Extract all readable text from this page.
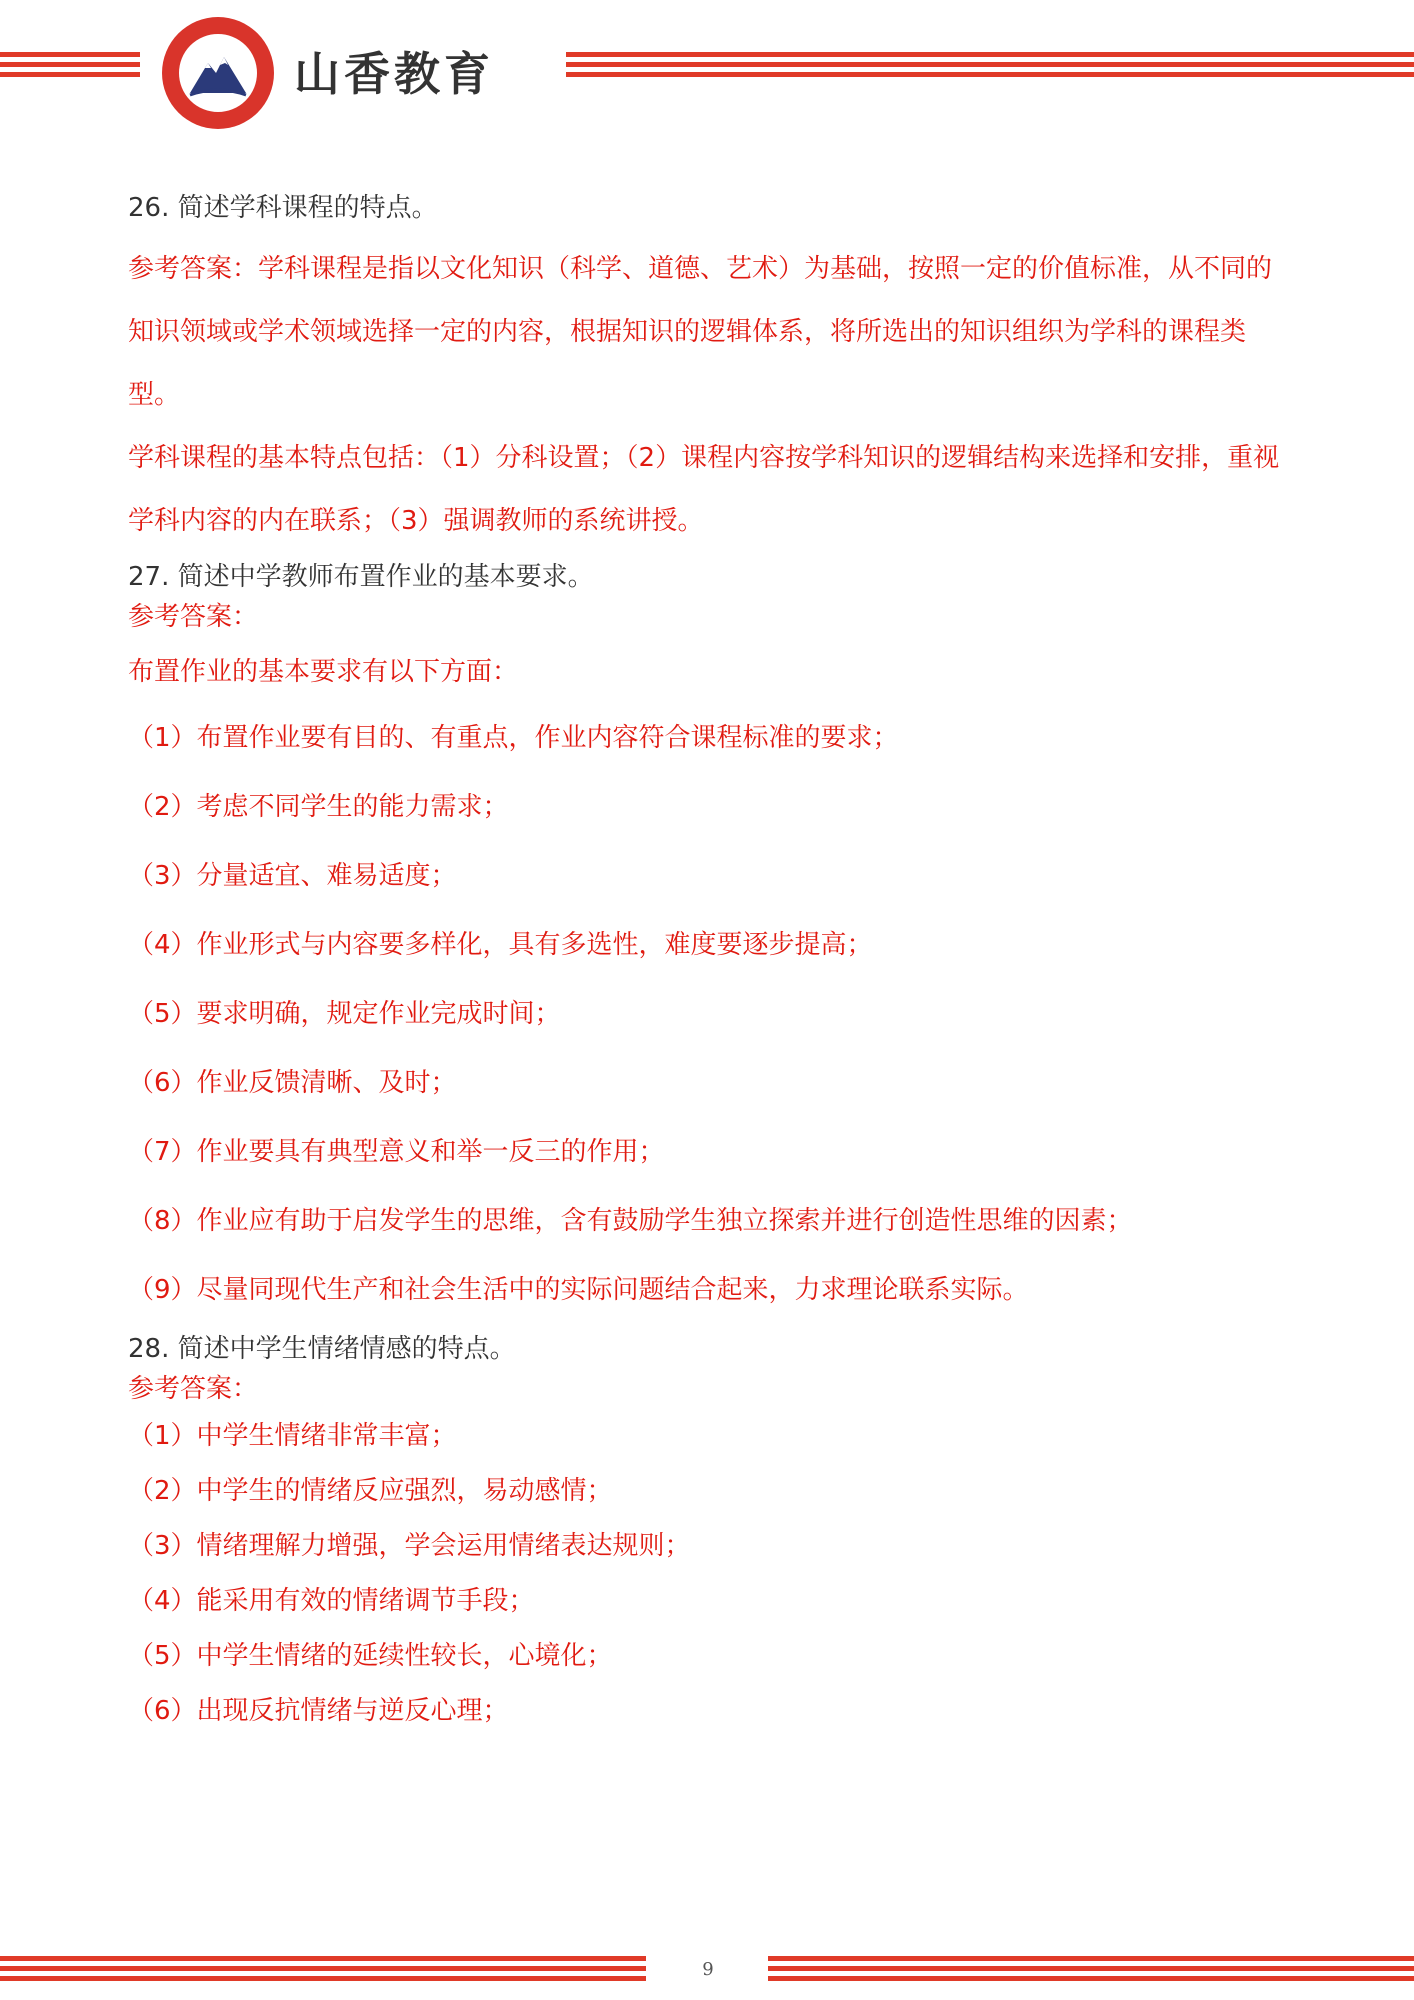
山香教育

26. 简述学科课程的特点。

参考答案：学科课程是指以文化知识（科学、道德、艺术）为基础，按照一定的价值标准，从不同的知识领域或学术领域选择一定的内容，根据知识的逻辑体系，将所选出的知识组织为学科的课程类型。

学科课程的基本特点包括：（1）分科设置；（2）课程内容按学科知识的逻辑结构来选择和安排，重视学科内容的内在联系；（3）强调教师的系统讲授。

27. 简述中学教师布置作业的基本要求。

参考答案：

布置作业的基本要求有以下方面：

（1）布置作业要有目的、有重点，作业内容符合课程标准的要求；

（2）考虑不同学生的能力需求；

（3）分量适宜、难易适度；

（4）作业形式与内容要多样化，具有多选性，难度要逐步提高；

（5）要求明确，规定作业完成时间；

（6）作业反馈清晰、及时；

（7）作业要具有典型意义和举一反三的作用；

（8）作业应有助于启发学生的思维，含有鼓励学生独立探索并进行创造性思维的因素；

（9）尽量同现代生产和社会生活中的实际问题结合起来，力求理论联系实际。

28. 简述中学生情绪情感的特点。

参考答案：

（1）中学生情绪非常丰富；

（2）中学生的情绪反应强烈，易动感情；

（3）情绪理解力增强，学会运用情绪表达规则；

（4）能采用有效的情绪调节手段；

（5）中学生情绪的延续性较长，心境化；

（6）出现反抗情绪与逆反心理；

9
